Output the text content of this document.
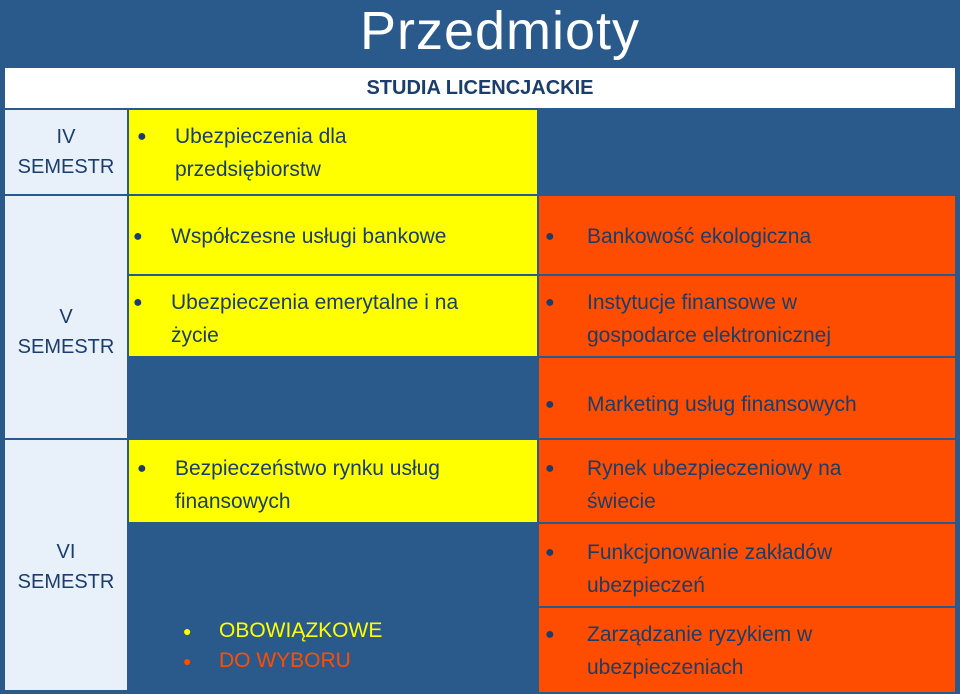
Przedmioty
STUDIA LICENCJACKIE
IV
SEMESTR
V
SEMESTR
VI
SEMESTR
● Ubezpieczenia dla
przedsiębiorstw
● Współczesne usługi bankowe
● Ubezpieczenia emerytalne i na
życie
● Bankowość ekologiczna
● Instytucje finansowe w
gospodarce elektronicznej
● Marketing usług finansowych
● Bezpieczeństwo rynku usług
finansowych
● Rynek ubezpieczeniowy na
świecie
● Funkcjonowanie zakładów
ubezpieczeń
● Zarządzanie ryzykiem w
ubezpieczeniach
● OBOWIĄZKOWE
● DO WYBORU
